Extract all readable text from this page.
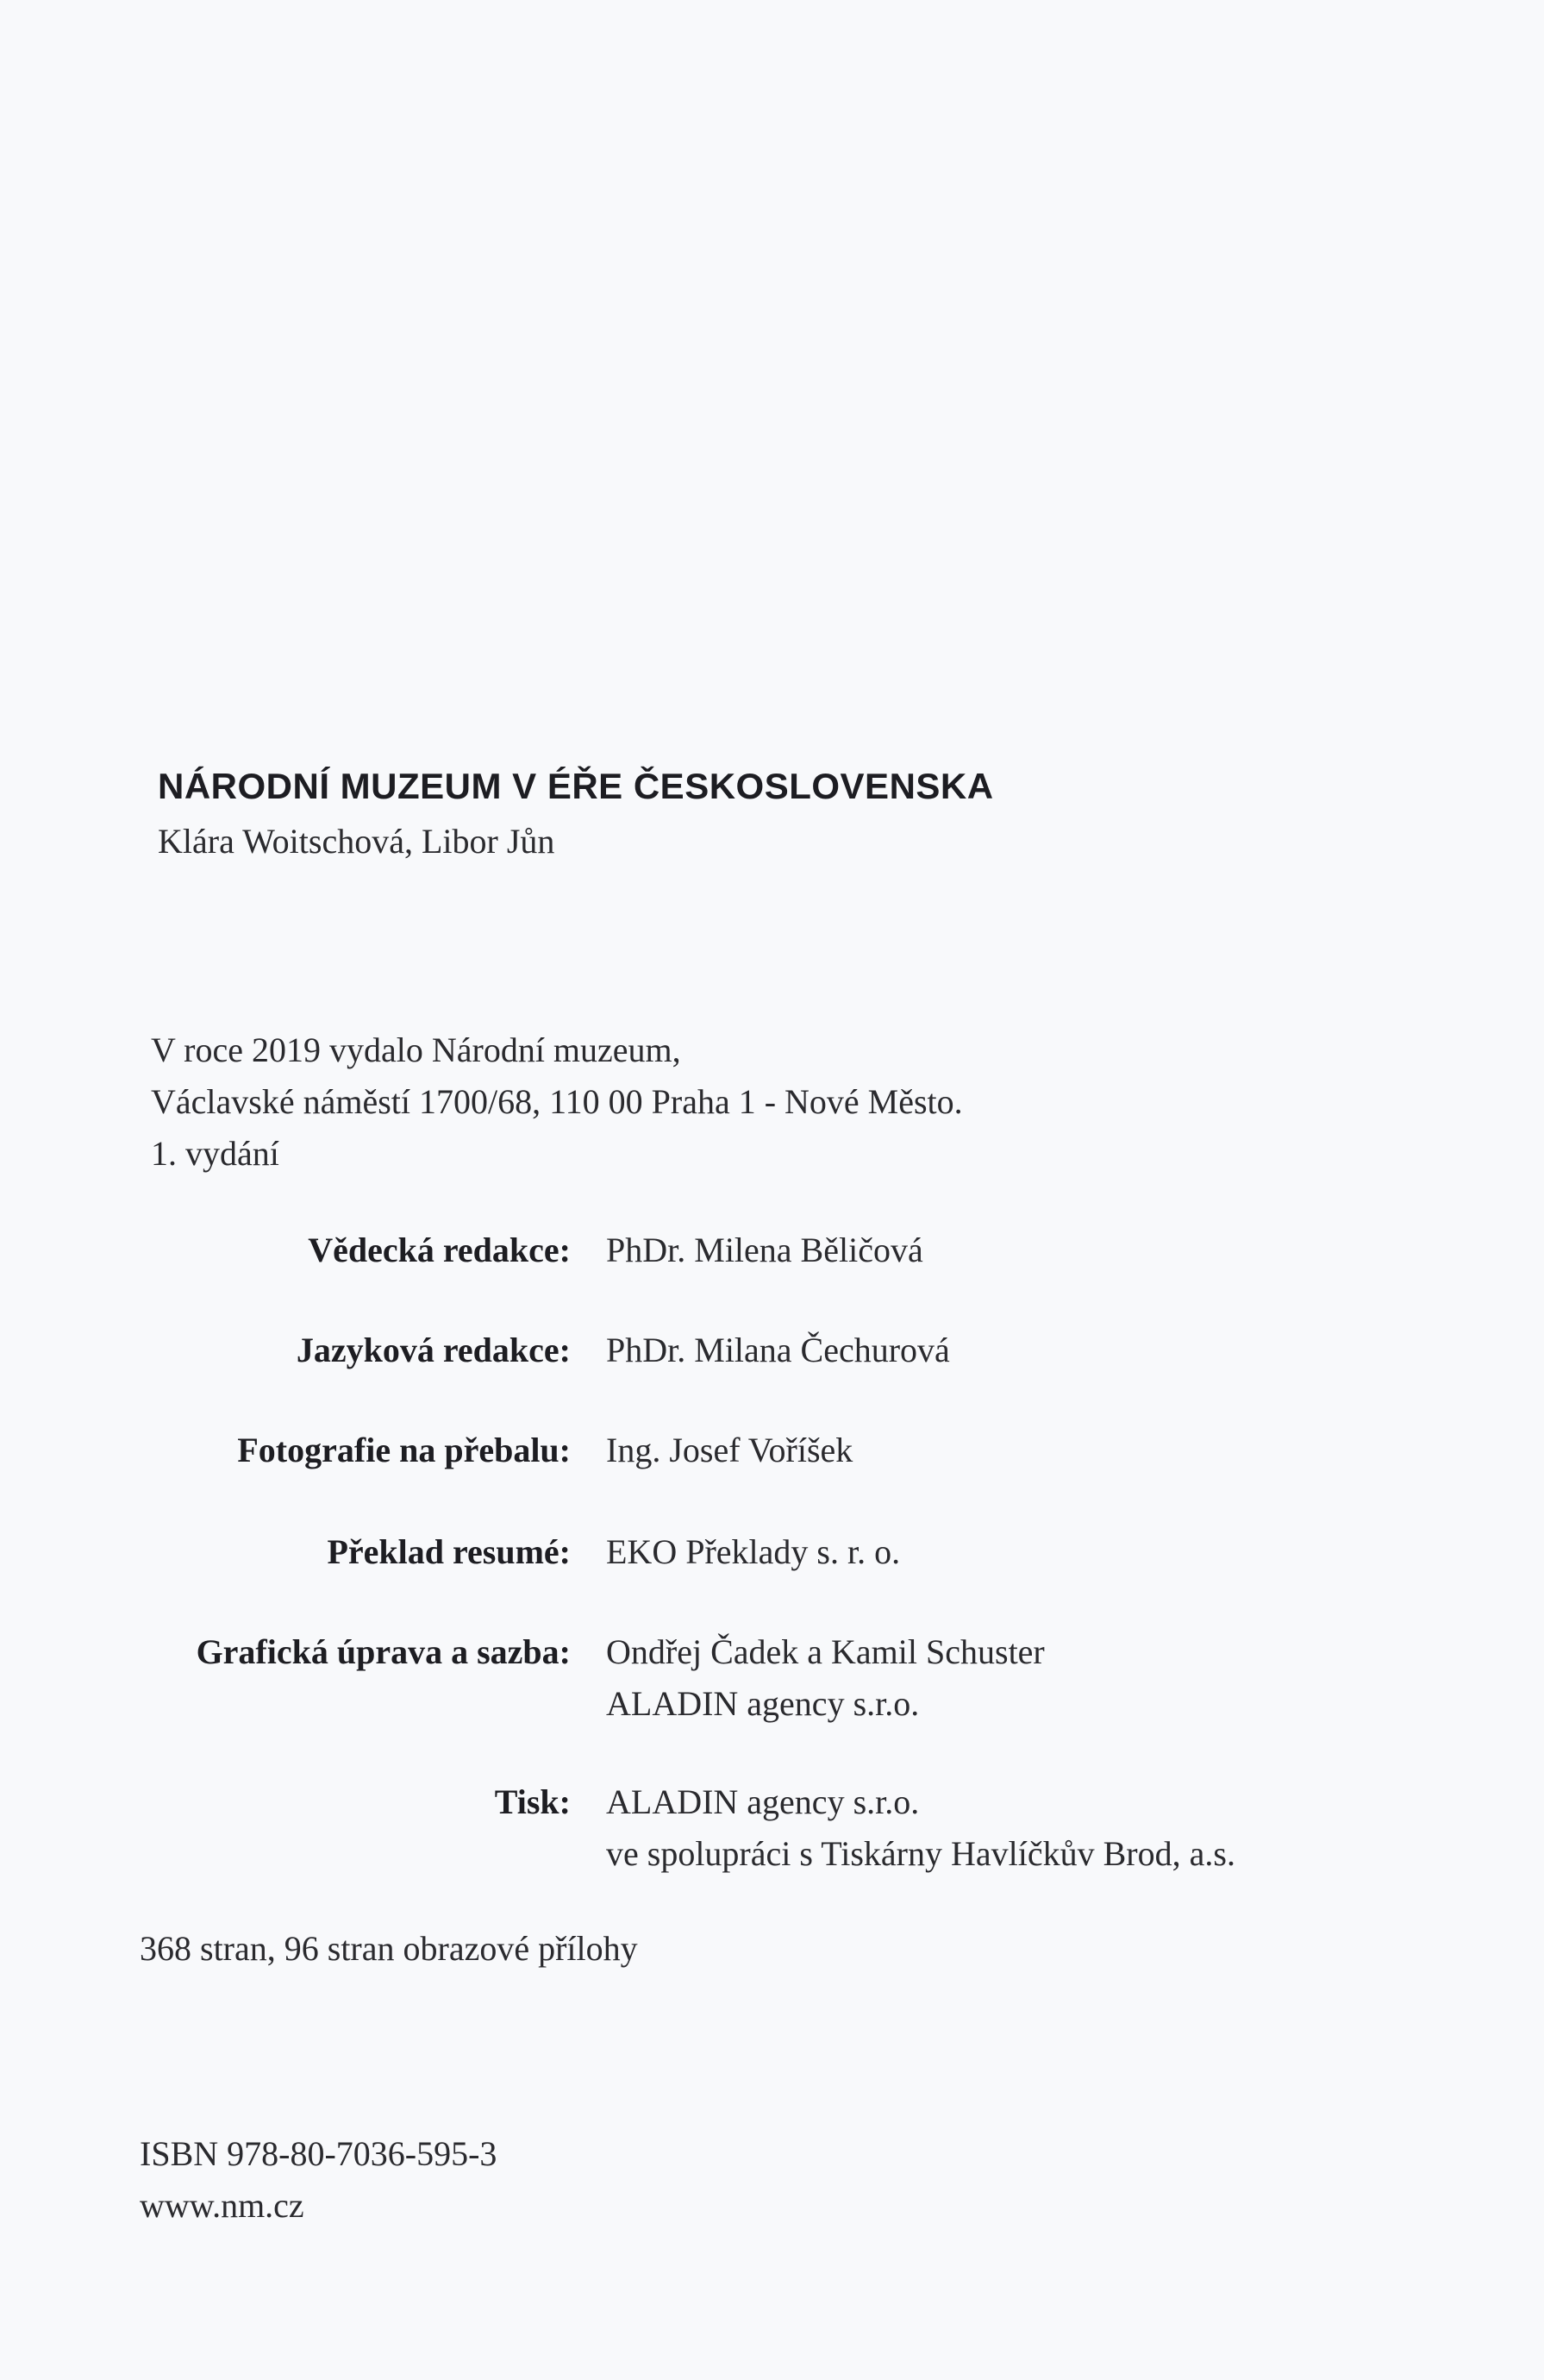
NÁRODNÍ MUZEUM V ÉŘE ČESKOSLOVENSKA
Klára Woitschová, Libor Jůn
V roce 2019 vydalo Národní muzeum,
Václavské náměstí 1700/68, 110 00 Praha 1 - Nové Město.
1. vydání
Vědecká redakce: PhDr. Milena Běličová
Jazyková redakce: PhDr. Milana Čechurová
Fotografie na přebalu: Ing. Josef Voříšek
Překlad resumé: EKO Překlady s. r. o.
Grafická úprava a sazba: Ondřej Čadek a Kamil Schuster
ALADIN agency s.r.o.
Tisk: ALADIN agency s.r.o.
ve spolupráci s Tiskárny Havlíčkův Brod, a.s.
368 stran, 96 stran obrazové přílohy
ISBN 978-80-7036-595-3
www.nm.cz
